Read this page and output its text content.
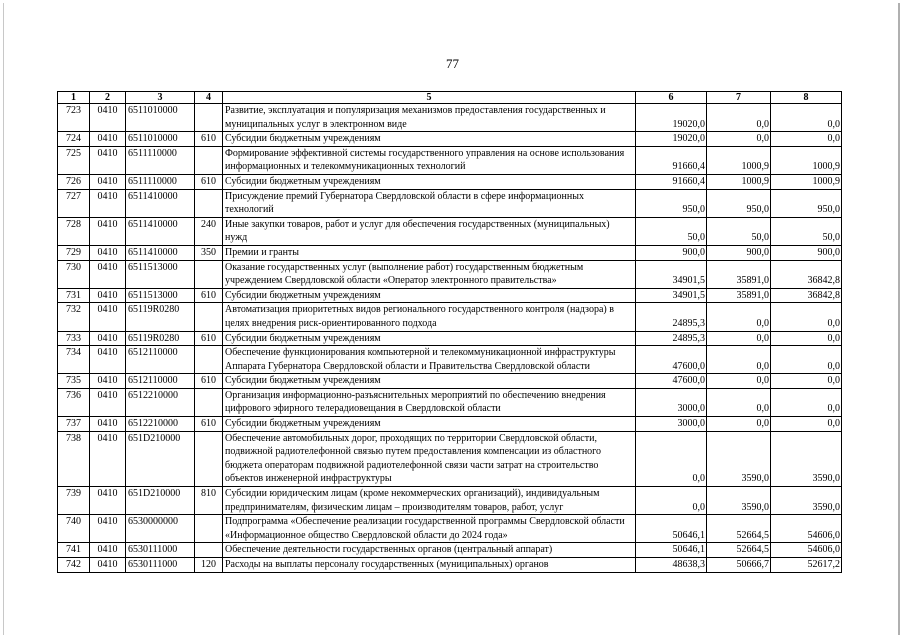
77
1	2	3	4	5	6	7	8
723	0410	6511010000		Развитие, эксплуатация и популяризация механизмов предоставления государственных и муниципальных услуг в электронном виде	19020,0	0,0	0,0
724	0410	6511010000	610	Субсидии бюджетным учреждениям	19020,0	0,0	0,0
725	0410	6511110000		Формирование эффективной системы государственного управления на основе использования информационных и телекоммуникационных технологий	91660,4	1000,9	1000,9
726	0410	6511110000	610	Субсидии бюджетным учреждениям	91660,4	1000,9	1000,9
727	0410	6511410000		Присуждение премий Губернатора Свердловской области в сфере информационных технологий	950,0	950,0	950,0
728	0410	6511410000	240	Иные закупки товаров, работ и услуг для обеспечения государственных (муниципальных) нужд	50,0	50,0	50,0
729	0410	6511410000	350	Премии и гранты	900,0	900,0	900,0
730	0410	6511513000		Оказание государственных услуг (выполнение работ) государственным бюджетным учреждением Свердловской области «Оператор электронного правительства»	34901,5	35891,0	36842,8
731	0410	6511513000	610	Субсидии бюджетным учреждениям	34901,5	35891,0	36842,8
732	0410	65119R0280		Автоматизация приоритетных видов регионального государственного контроля (надзора) в целях внедрения риск-ориентированного подхода	24895,3	0,0	0,0
733	0410	65119R0280	610	Субсидии бюджетным учреждениям	24895,3	0,0	0,0
734	0410	6512110000		Обеспечение функционирования компьютерной и телекоммуникационной инфраструктуры Аппарата Губернатора Свердловской области и Правительства Свердловской области	47600,0	0,0	0,0
735	0410	6512110000	610	Субсидии бюджетным учреждениям	47600,0	0,0	0,0
736	0410	6512210000		Организация информационно-разъяснительных мероприятий по обеспечению внедрения цифрового эфирного телерадиовещания в Свердловской области	3000,0	0,0	0,0
737	0410	6512210000	610	Субсидии бюджетным учреждениям	3000,0	0,0	0,0
738	0410	651D210000		Обеспечение автомобильных дорог, проходящих по территории Свердловской области, подвижной радиотелефонной связью путем предоставления компенсации из областного бюджета операторам подвижной радиотелефонной связи части затрат на строительство объектов инженерной инфраструктуры	0,0	3590,0	3590,0
739	0410	651D210000	810	Субсидии юридическим лицам (кроме некоммерческих организаций), индивидуальным предпринимателям, физическим лицам – производителям товаров, работ, услуг	0,0	3590,0	3590,0
740	0410	6530000000		Подпрограмма «Обеспечение реализации государственной программы Свердловской области «Информационное общество Свердловской области до 2024 года»	50646,1	52664,5	54606,0
741	0410	6530111000		Обеспечение деятельности государственных органов (центральный аппарат)	50646,1	52664,5	54606,0
742	0410	6530111000	120	Расходы на выплаты персоналу государственных (муниципальных) органов	48638,3	50666,7	52617,2
